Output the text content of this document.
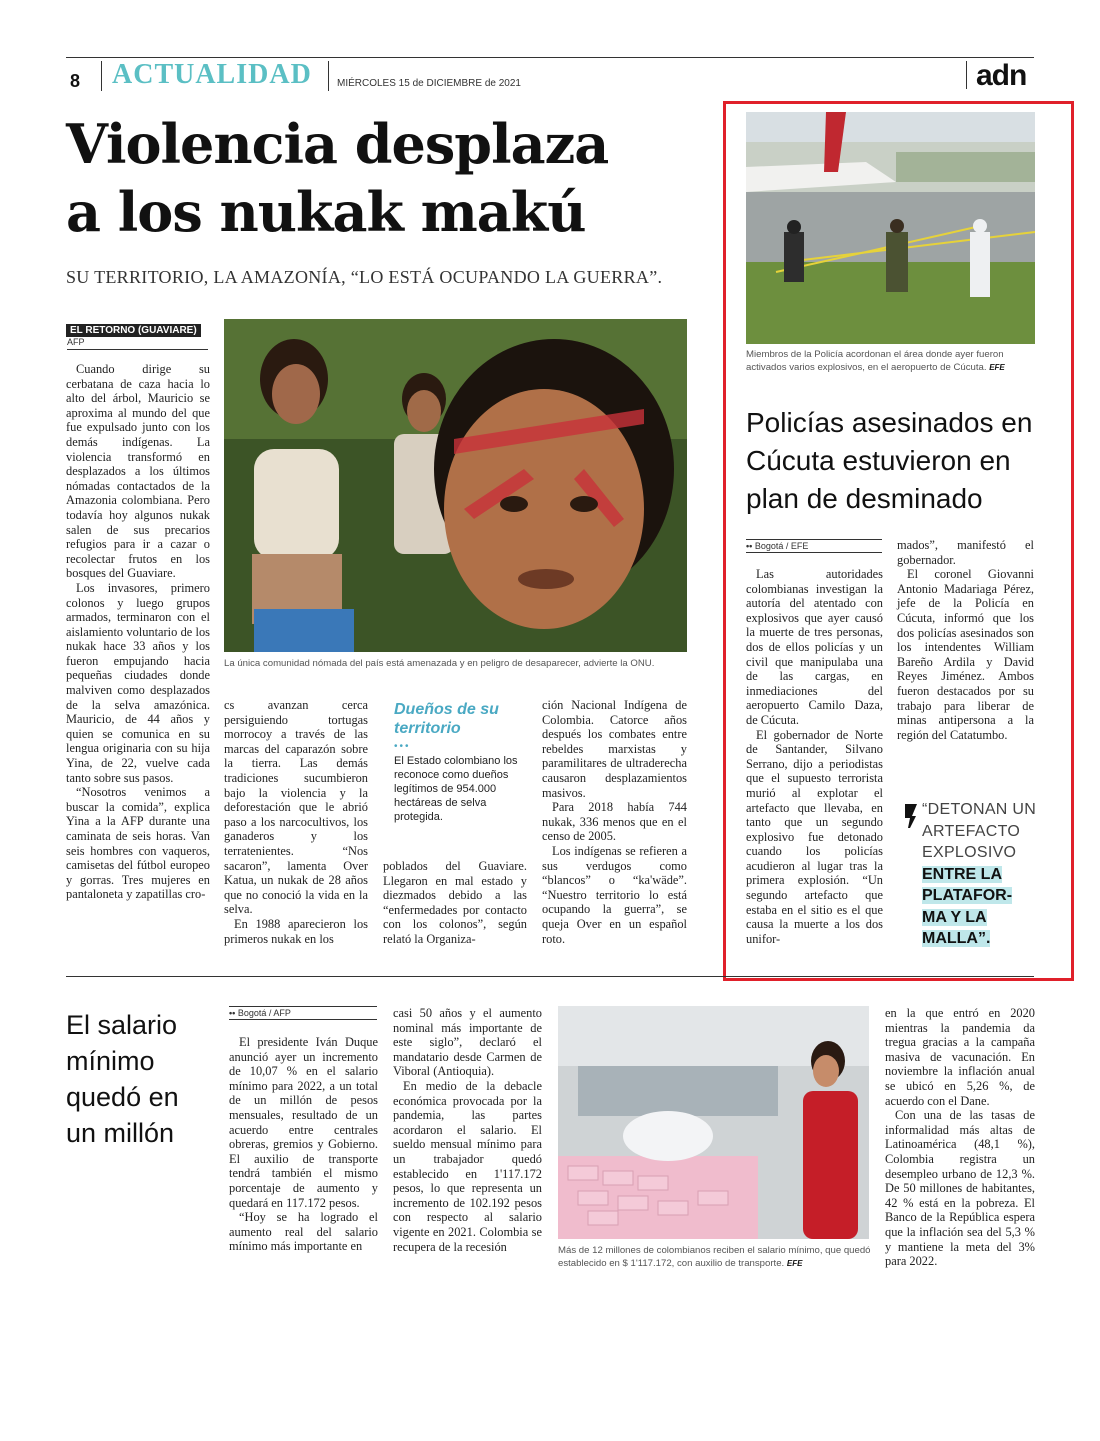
8 ACTUALIDAD	MIÉRCOLES 15 de DICIEMBRE de 2021	adn
Violencia desplaza
a los nukak makú
SU TERRITORIO, LA AMAZONÍA, “LO ESTÁ OCUPANDO LA GUERRA”.
EL RETORNO (GUAVIARE)
AFP
La única comunidad nómada del país está amenazada y en peligro de desaparecer, advierte la ONU.

Cuando dirige su cerbatana de caza hacia lo alto del árbol, Mauricio se aproxima al mundo del que fue expulsado junto con los demás indígenas. La violencia transformó en desplazados a los últimos nómadas contactados de la Amazonia colombiana. Pero todavía hoy algunos nukak salen de sus precarios refugios para ir a cazar o recolectar frutos en los bosques del Guaviare.

Los invasores, primero colonos y luego grupos armados, terminaron con el aislamiento voluntario de los nukak hace 33 años y los fueron empujando hacia pequeñas ciudades donde malviven como desplazados de la selva amazónica. Mauricio, de 44 años y quien se comunica en su lengua originaria con su hija Yina, de 22, vuelve cada tanto sobre sus pasos.

“Nosotros venimos a buscar la comida”, explica Yina a la AFP durante una caminata de seis horas. Van seis hombres con vaqueros, camisetas del fútbol europeo y gorras. Tres mujeres en pantaloneta y zapatillas cro-

cs avanzan cerca persiguiendo tortugas morrocoy a través de las marcas del caparazón sobre la tierra. Las demás tradiciones sucumbieron bajo la violencia y la deforestación que le abrió paso a los narcocultivos, los ganaderos y los terratenientes. “Nos sacaron”, lamenta Over Katua, un nukak de 28 años que no conoció la vida en la selva.

En 1988 aparecieron los primeros nukak en los

Dueños de su territorio
•••
El Estado colombiano los reconoce como dueños legítimos de 954.000 hectáreas de selva protegida.

poblados del Guaviare. Llegaron en mal estado y diezmados debido a las “enfermedades por contacto con los colonos”, según relató la Organiza-

ción Nacional Indígena de Colombia. Catorce años después los combates entre rebeldes marxistas y paramilitares de ultraderecha causaron desplazamientos masivos.

Para 2018 había 744 nukak, 336 menos que en el censo de 2005.

Los indígenas se refieren a sus verdugos como “blancos” o “ka'wäde”. “Nuestro territorio lo está ocupando la guerra”, se queja Over en un español roto.

Miembros de la Policía acordonan el área donde ayer fueron activados varios explosivos, en el aeropuerto de Cúcuta. EFE
Policías asesinados en Cúcuta estuvieron en plan de desminado
•• Bogotá / EFE

Las autoridades colombianas investigan la autoría del atentado con explosivos que ayer causó la muerte de tres personas, dos de ellos policías y un civil que manipulaba una de las cargas, en inmediaciones del aeropuerto Camilo Daza, de Cúcuta.

El gobernador de Norte de Santander, Silvano Serrano, dijo a periodistas que el supuesto terrorista murió al explotar el artefacto que llevaba, en tanto que un segundo explosivo fue detonado cuando los policías acudieron al lugar tras la primera explosión. “Un segundo artefacto que estaba en el sitio es el que causa la muerte a los dos unifor-

mados”, manifestó el gobernador.

El coronel Giovanni Antonio Madariaga Pérez, jefe de la Policía en Cúcuta, informó que los dos policías asesinados son los intendentes William Bareño Ardila y David Reyes Jiménez. Ambos fueron destacados por su trabajo para liberar de minas antipersona a la región del Catatumbo.

“DETONAN UN
ARTEFACTO
EXPLOSIVO
ENTRE LA
PLATAFOR-
MA Y LA
MALLA”.
El salario
mínimo
quedó en
un millón
•• Bogotá / AFP

El presidente Iván Duque anunció ayer un incremento de 10,07 % en el salario mínimo para 2022, a un total de un millón de pesos mensuales, resultado de un acuerdo entre centrales obreras, gremios y Gobierno. El auxilio de transporte tendrá también el mismo porcentaje de aumento y quedará en 117.172 pesos.

“Hoy se ha logrado el aumento real del salario mínimo más importante en

casi 50 años y el aumento nominal más importante de este siglo”, declaró el mandatario desde Carmen de Viboral (Antioquia).

En medio de la debacle económica provocada por la pandemia, las partes acordaron el salario. El sueldo mensual mínimo para un trabajador quedó establecido en 1'117.172 pesos, lo que representa un incremento de 102.192 pesos con respecto al salario vigente en 2021. Colombia se recupera de la recesión	Más de 12 millones de colombianos reciben el salario mínimo, que quedó establecido en $ 1'117.172, con auxilio de transporte. EFE

en la que entró en 2020 mientras la pandemia da tregua gracias a la campaña masiva de vacunación. En noviembre la inflación anual se ubicó en 5,26 %, de acuerdo con el Dane.

Con una de las tasas de informalidad más altas de Latinoamérica (48,1 %), Colombia registra un desempleo urbano de 12,3 %. De 50 millones de habitantes, 42 % está en la pobreza. El Banco de la República espera que la inflación sea del 5,3 % y mantiene la meta del 3% para 2022.
